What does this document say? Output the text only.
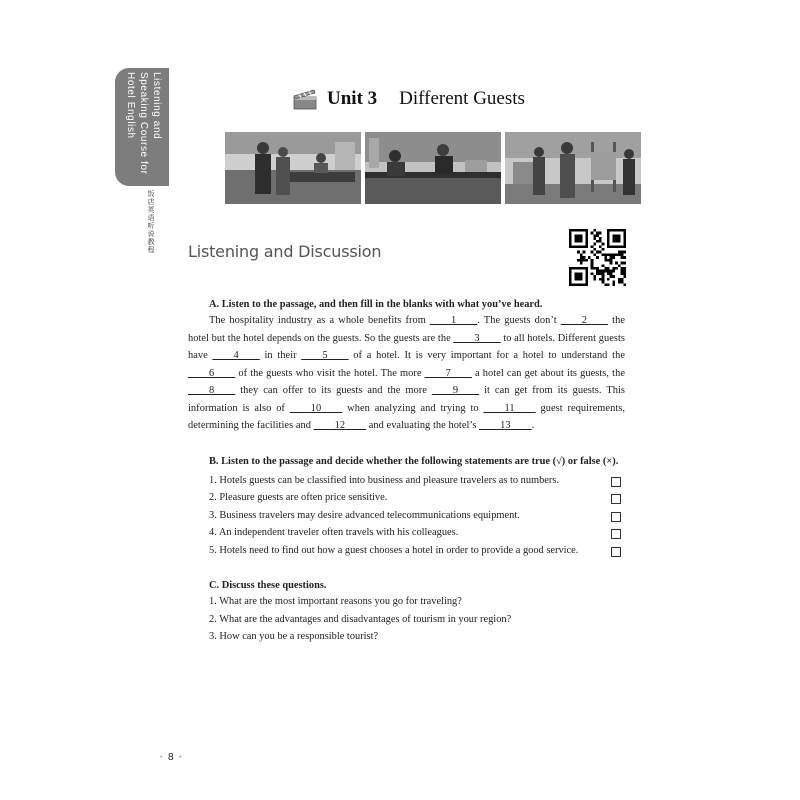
Listening and Speaking Course for Hotel English
饭店英语听说教程
Unit 3 Different Guests
Listening and Discussion

A. Listen to the passage, and then fill in the blanks with what you’ve heard.

The hospitality industry as a whole benefits from ____1____. The guests don’t ____2____ the hotel but the hotel depends on the guests. So the guests are the ____3____ to all hotels. Different guests have ____4____ in their ____5____ of a hotel. It is very important for a hotel to understand the ____6____ of the guests who visit the hotel. The more ____7____ a hotel can get about its guests, the ____8____ they can offer to its guests and the more ____9____ it can get from its guests. This information is also of ____10____ when analyzing and trying to ____11____ guest requirements, determining the facilities and ____12____ and evaluating the hotel’s ____13____.

B. Listen to the passage and decide whether the following statements are true (√) or false (×).

1. Hotels guests can be classified into business and pleasure travelers as to numbers.
2. Pleasure guests are often price sensitive.
3. Business travelers may desire advanced telecommunications equipment.
4. An independent traveler often travels with his colleagues.
5. Hotels need to find out how a guest chooses a hotel in order to provide a good service.

C. Discuss these questions.

1. What are the most important reasons you go for traveling?
2. What are the advantages and disadvantages of tourism in your region?
3. How can you be a responsible tourist?
• 8 •
